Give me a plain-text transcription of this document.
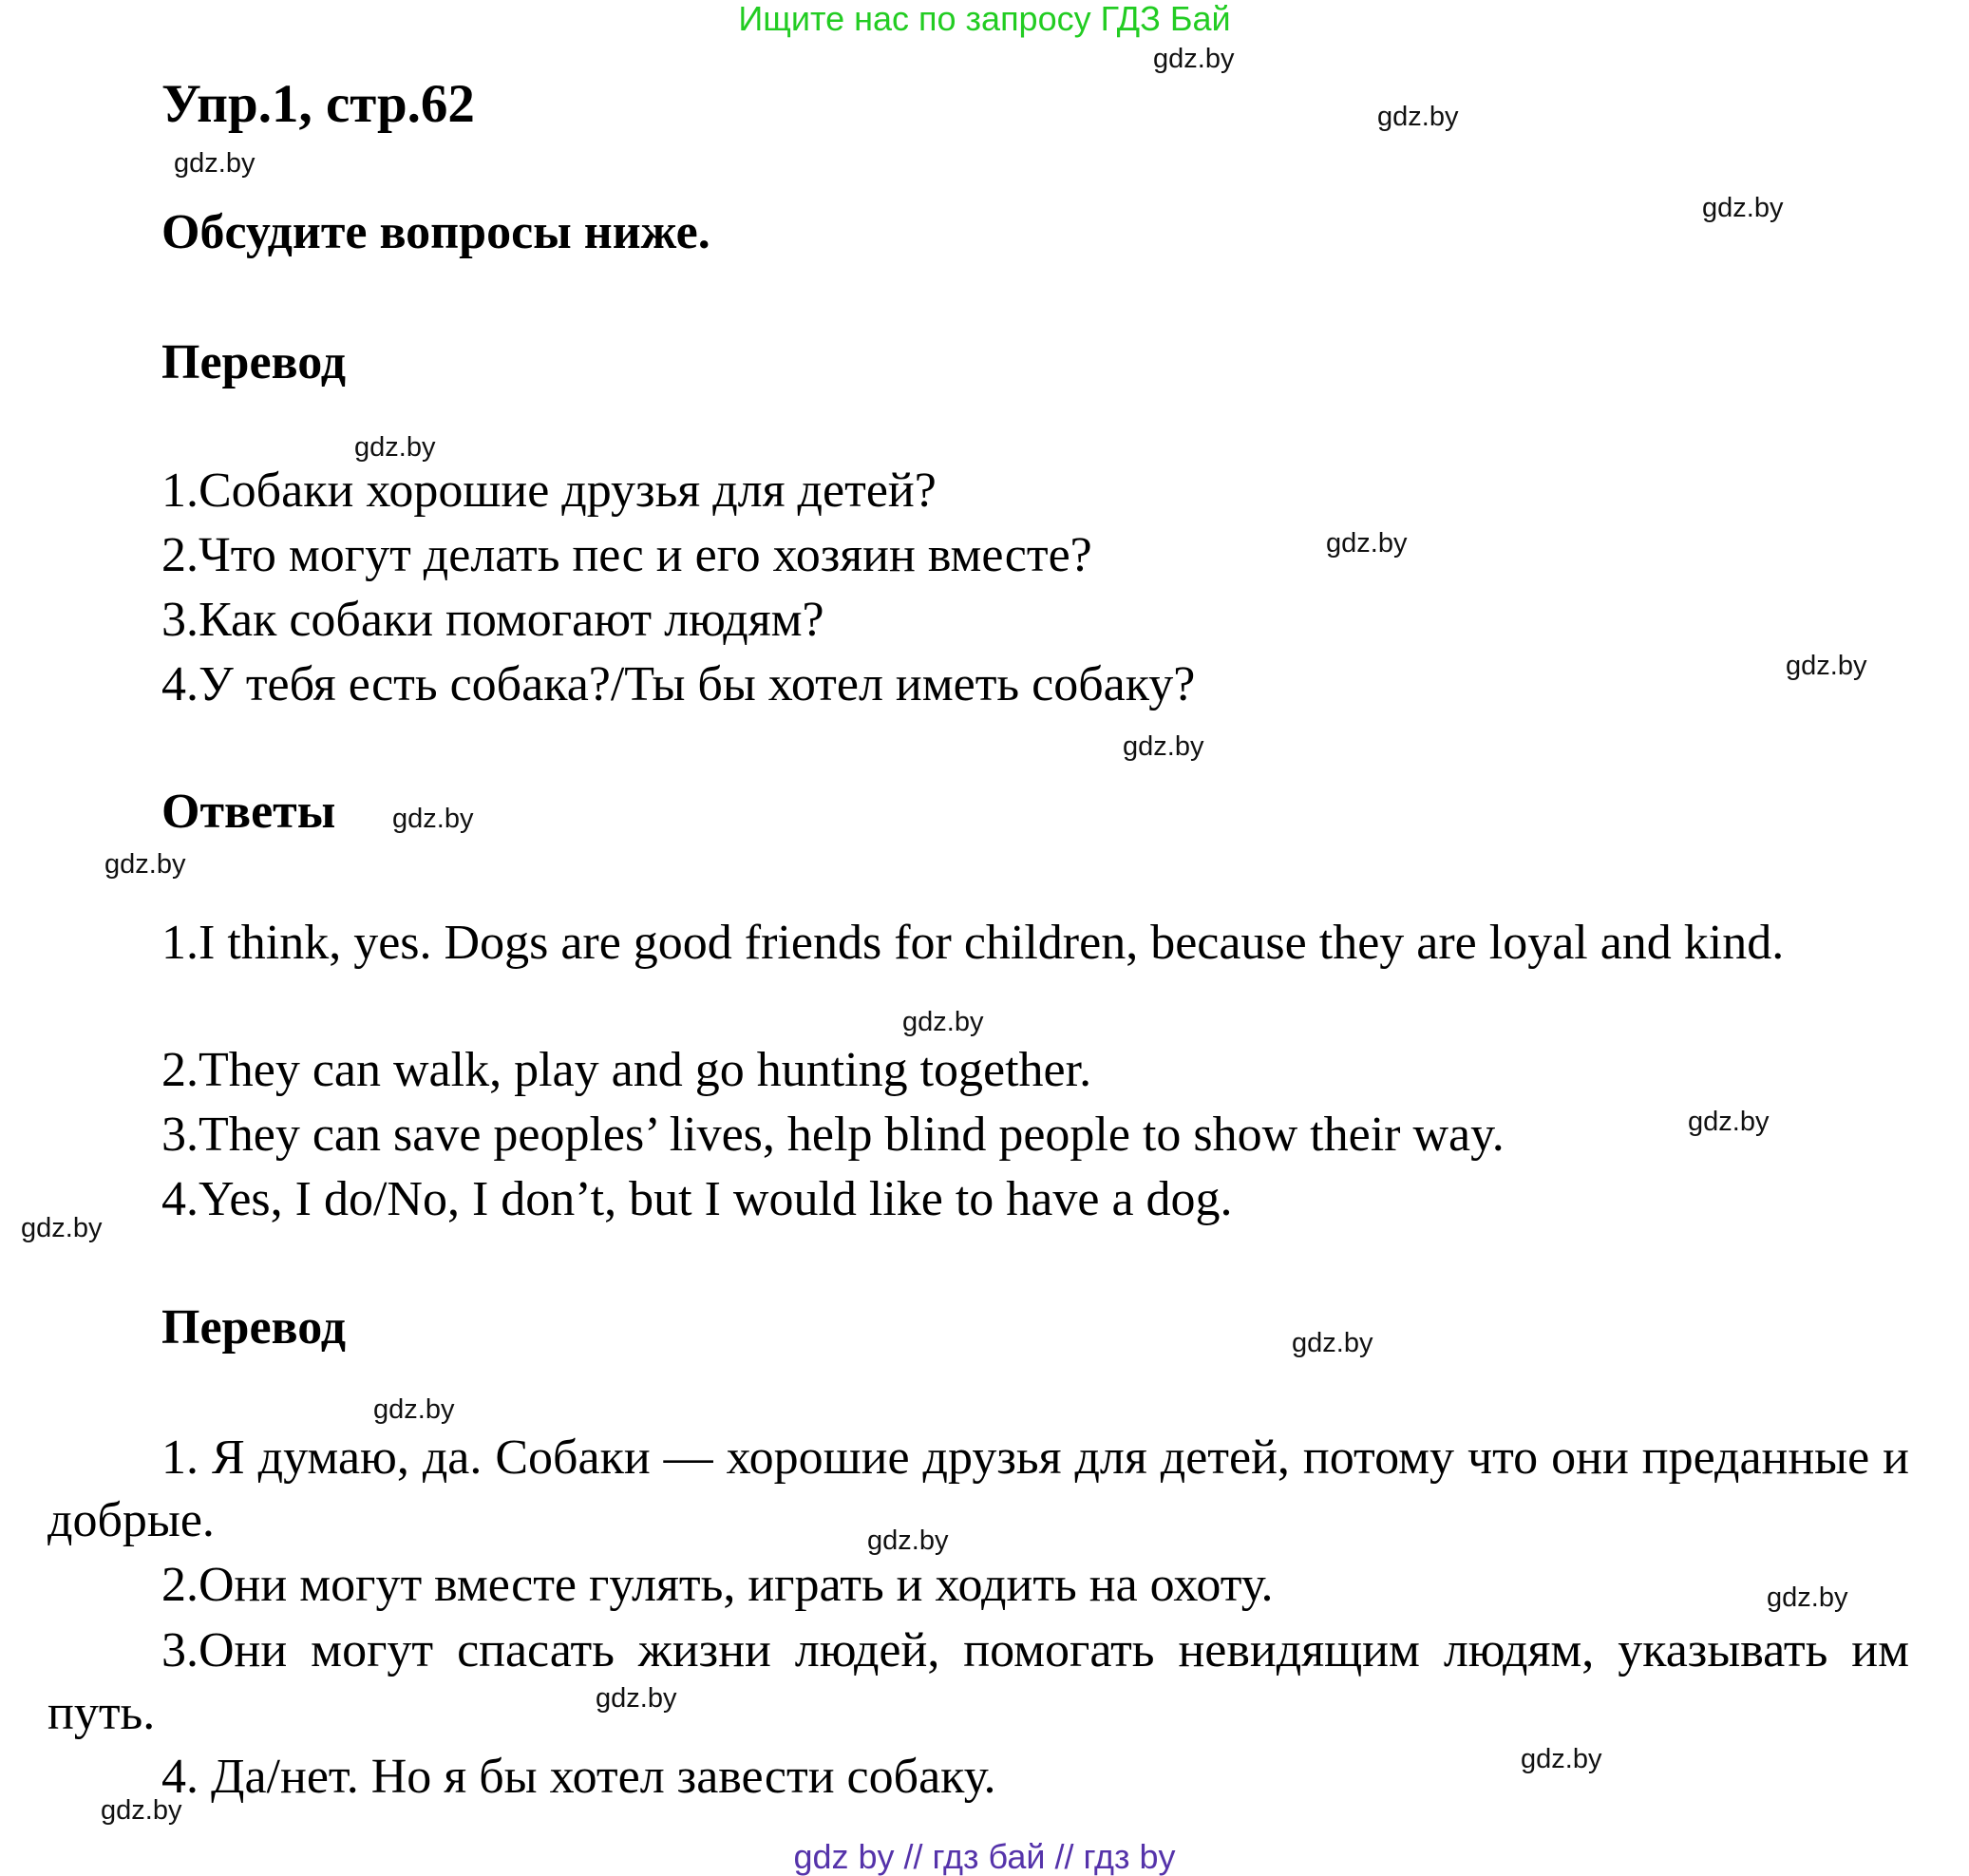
Ищите нас по запросу ГДЗ Бай
Упр.1, стр.62
Обсудите вопросы ниже.
Перевод
1.Собаки хорошие друзья для детей?
2.Что могут делать пес и его хозяин вместе?
3.Как собаки помогают людям?
4.У тебя есть собака?/Ты бы хотел иметь собаку?
Ответы
1.I think, yes. Dogs are good friends for children, because they are loyal and kind.
2.They can walk, play and go hunting together.
3.They can save peoples’ lives, help blind people to show their way.
4.Yes, I do/No, I don’t, but I would like to have a dog.
Перевод
1. Я думаю, да. Собаки — хорошие друзья для детей, потому что они преданные и добрые.
2.Они могут вместе гулять, играть и ходить на охоту.
3.Они могут спасать жизни людей, помогать невидящим людям, указывать им путь.
4. Да/нет. Но я бы хотел завести собаку.
gdz.by
gdz.by
gdz.by
gdz.by
gdz.by
gdz.by
gdz.by
gdz.by
gdz.by
gdz.by
gdz.by
gdz.by
gdz.by
gdz.by
gdz.by
gdz.by
gdz.by
gdz.by
gdz.by
gdz.by
gdz by // гдз бай // гдз by
